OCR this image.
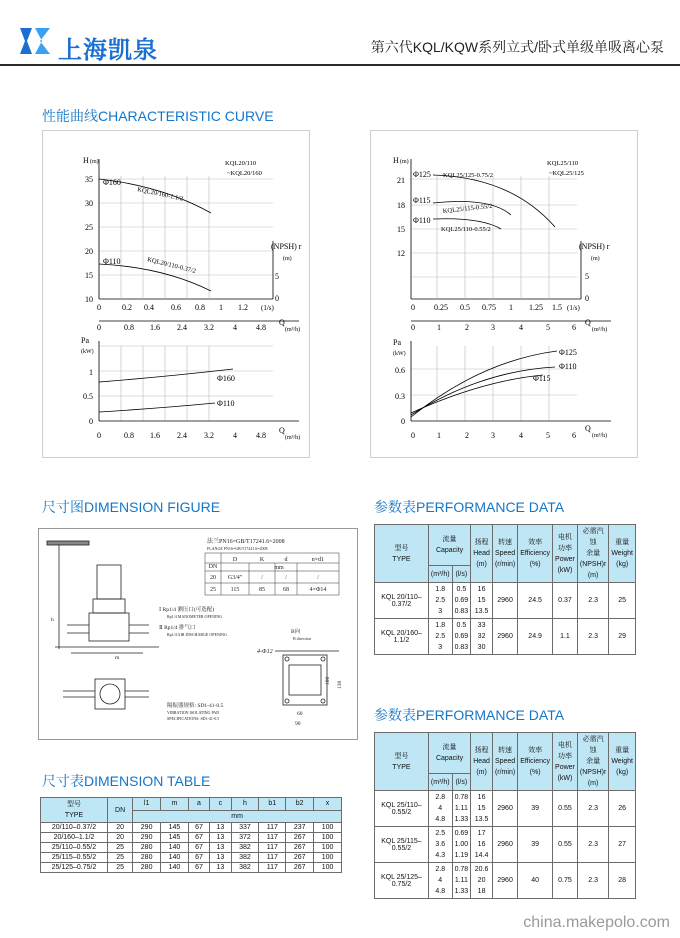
上海凯泉	第六代KQL/KQW系列立式/卧式单级单吸离心泵
性能曲线CHARACTERISTIC CURVE
H (m)
35
30
25
20
15
10
Φ160
Φ110
KQL20/160-1.1/2
KQL20/110-0.37/2
KQL20/110
~KQL20/160
(NPSH) r
(m)
5
0
0	0.2 0.4 0.6 0.8 1 1.2 (1/s)
0	0.8 1.6 2.4 3.2 4 4.8
Q
(m³/h)
Pa
(kW)
1
0.5
0
Φ160
Φ110
0	0.8 1.6 2.4 3.2 4 4.8
Q
(m³/h)
H (m)
21
18
15
12
Φ125
Φ115
Φ110
KQL25/125-0.75/2
KQL25/115-0.55/2
KQL25/110-0.55/2
KQL25/110
~KQL25/125
(NPSH) r
(m)
5
0
0 0.25 0.5 0.75 1 1.25 1.5 (1/s)
0	1	2	3	4	5	6
Q
(m³/h)
Pa
(kW)
0.6
0.3
0
Φ125
Φ110
Φ115
0	1	2	3	4	5	6
Q
(m³/h)
尺寸图DIMENSION FIGURE
法兰PN16=GB/T17241.6=2008
FLANGE PN16=GB/T17241.6=2008
DN
D	K	d	n×d1
mm
20 G3/4"	/	/	/
25 115	85	68	4×Φ14
Ⅰ Rp1/4 测压口(可选配)
Rp1/4 MANOMETER OPENING
Ⅱ Rp1/4 排气口
Rp1/4 AIR DISCHARGE OPENING
隔振器规格: SD1-41-0.5
VIBRATION ISOLATING PAD
SPECIFICATIONS: SD1-41-0.5
4-Φ12
B向
B direction
100 130
60
90
h
m
尺寸表DIMENSION TABLE
型号
TYPE	DN	l1	m	a	c	h	b1	b2	x
		mm							
20/110–0.37/2	20	290	145	67	13	337	117	237	100
20/160–1.1/2	20	290	145	67	13	372	117	267	100
25/110–0.55/2	25	280	140	67	13	382	117	267	100
25/115–0.55/2	25	280	140	67	13	382	117	267	100
25/125–0.75/2	25	280	140	67	13	382	117	267	100
参数表PERFORMANCE DATA
型号
TYPE	流量
Capacity		扬程
Head
(m)	转速
Speed
(r/min)	效率
Efficiency
(%)	电机
功率
Power
(kW)	必需汽蚀
余量
(NPSH)r
(m)	重量
Weight
(kg)
	(m³/h)	(l/s)						
KQL 20/110–0.37/2	1.8
2.5
3	0.5
0.69
0.83	16
15
13.5	2960	24.5	0.37	2.3	25
KQL 20/160–1.1/2	1.8
2.5
3	0.5
0.69
0.83	33
32
30	2960	24.9	1.1	2.3	29
参数表PERFORMANCE DATA
型号
TYPE	流量
Capacity		扬程
Head
(m)	转速
Speed
(r/min)	效率
Efficiency
(%)	电机
功率
Power
(kW)	必需汽蚀
余量
(NPSH)r
(m)	重量
Weight
(kg)
	(m³/h)	(l/s)						
KQL 25/110–0.55/2	2.8
4
4.8	0.78
1.11
1.33	16
15
13.5	2960	39	0.55	2.3	26
KQL 25/115–0.55/2	2.5
3.6
4.3	0.69
1.00
1.19	17
16
14.4	2960	39	0.55	2.3	27
KQL 25/125–0.75/2	2.8
4
4.8	0.78
1.11
1.33	20.6
20
18	2960	40	0.75	2.3	28
china.makepolo.com
